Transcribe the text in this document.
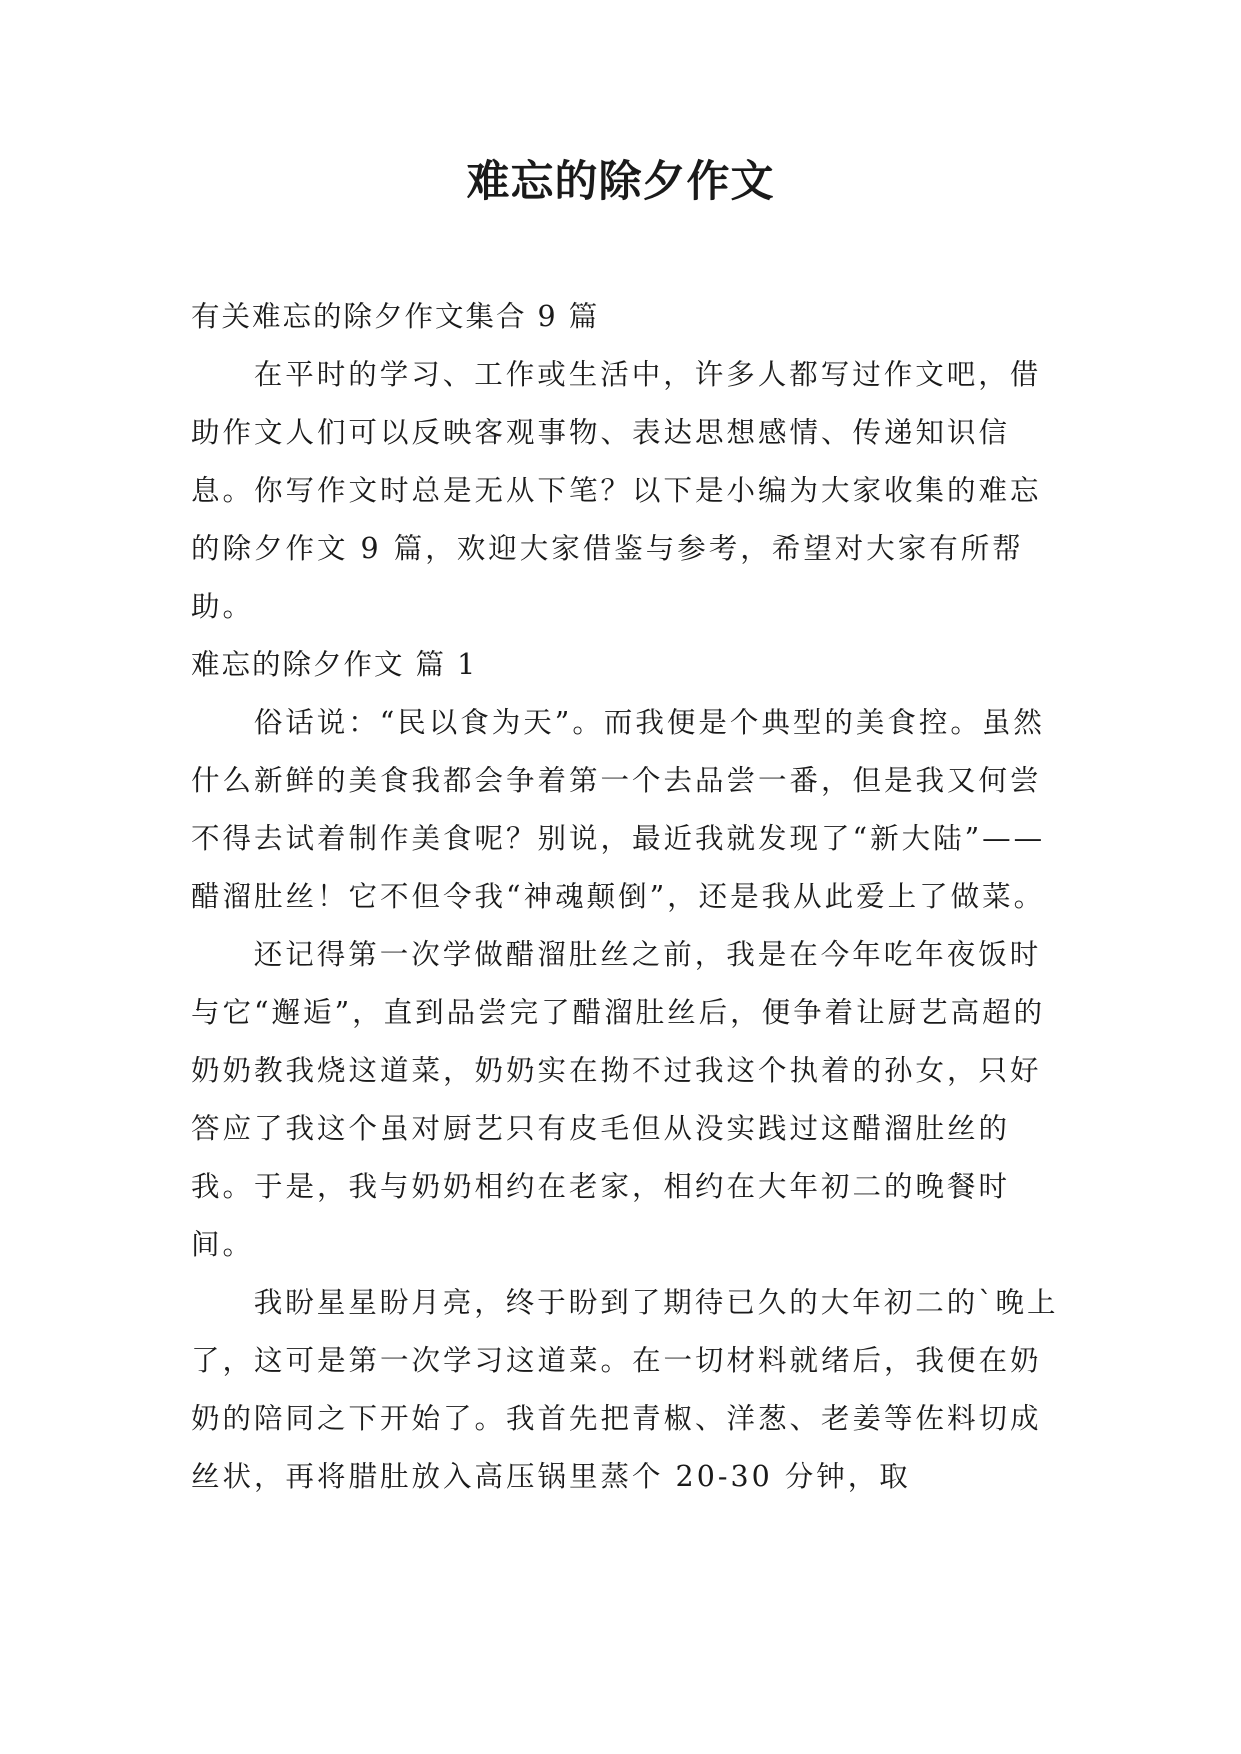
难忘的除夕作文

有关难忘的除夕作文集合 9 篇

在平时的学习、工作或生活中，许多人都写过作文吧，借助作文人们可以反映客观事物、表达思想感情、传递知识信息。你写作文时总是无从下笔？以下是小编为大家收集的难忘的除夕作文 9 篇，欢迎大家借鉴与参考，希望对大家有所帮助。

难忘的除夕作文 篇 1

俗话说：“民以食为天”。而我便是个典型的美食控。虽然什么新鲜的美食我都会争着第一个去品尝一番，但是我又何尝不得去试着制作美食呢？别说，最近我就发现了“新大陆”——醋溜肚丝！它不但令我“神魂颠倒”，还是我从此爱上了做菜。

还记得第一次学做醋溜肚丝之前，我是在今年吃年夜饭时与它“邂逅”，直到品尝完了醋溜肚丝后，便争着让厨艺高超的奶奶教我烧这道菜，奶奶实在拗不过我这个执着的孙女，只好答应了我这个虽对厨艺只有皮毛但从没实践过这醋溜肚丝的我。于是，我与奶奶相约在老家，相约在大年初二的晚餐时间。

我盼星星盼月亮，终于盼到了期待已久的大年初二的`晚上了，这可是第一次学习这道菜。在一切材料就绪后，我便在奶奶的陪同之下开始了。我首先把青椒、洋葱、老姜等佐料切成丝状，再将腊肚放入高压锅里蒸个 20-30 分钟，取
